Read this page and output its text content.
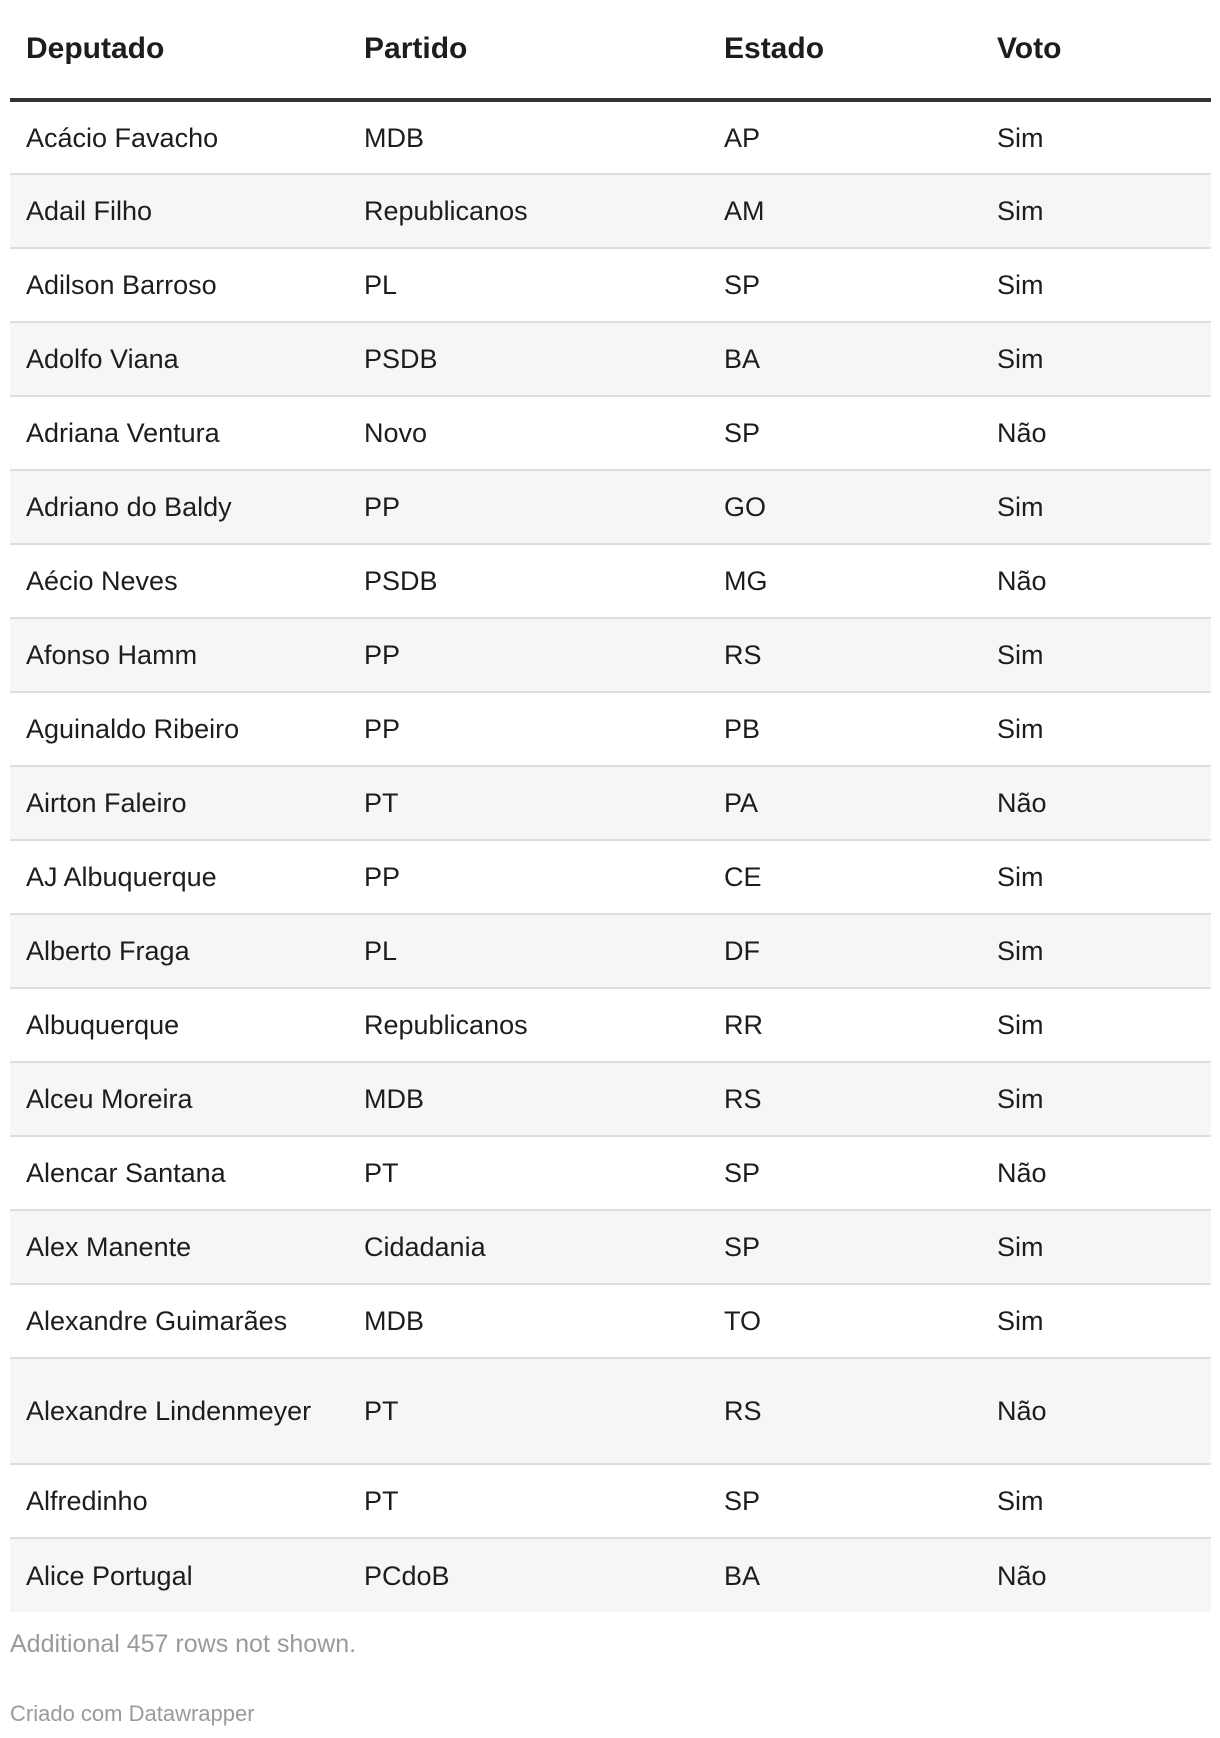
Deputado	Partido	Estado	Voto
Acácio Favacho	MDB	AP	Sim
Adail Filho	Republicanos	AM	Sim
Adilson Barroso	PL	SP	Sim
Adolfo Viana	PSDB	BA	Sim
Adriana Ventura	Novo	SP	Não
Adriano do Baldy	PP	GO	Sim
Aécio Neves	PSDB	MG	Não
Afonso Hamm	PP	RS	Sim
Aguinaldo Ribeiro	PP	PB	Sim
Airton Faleiro	PT	PA	Não
AJ Albuquerque	PP	CE	Sim
Alberto Fraga	PL	DF	Sim
Albuquerque	Republicanos	RR	Sim
Alceu Moreira	MDB	RS	Sim
Alencar Santana	PT	SP	Não
Alex Manente	Cidadania	SP	Sim
Alexandre Guimarães	MDB	TO	Sim
Alexandre Lindenmeyer	PT	RS	Não
Alfredinho	PT	SP	Sim
Alice Portugal	PCdoB	BA	Não
Additional 457 rows not shown.
Criado com Datawrapper
